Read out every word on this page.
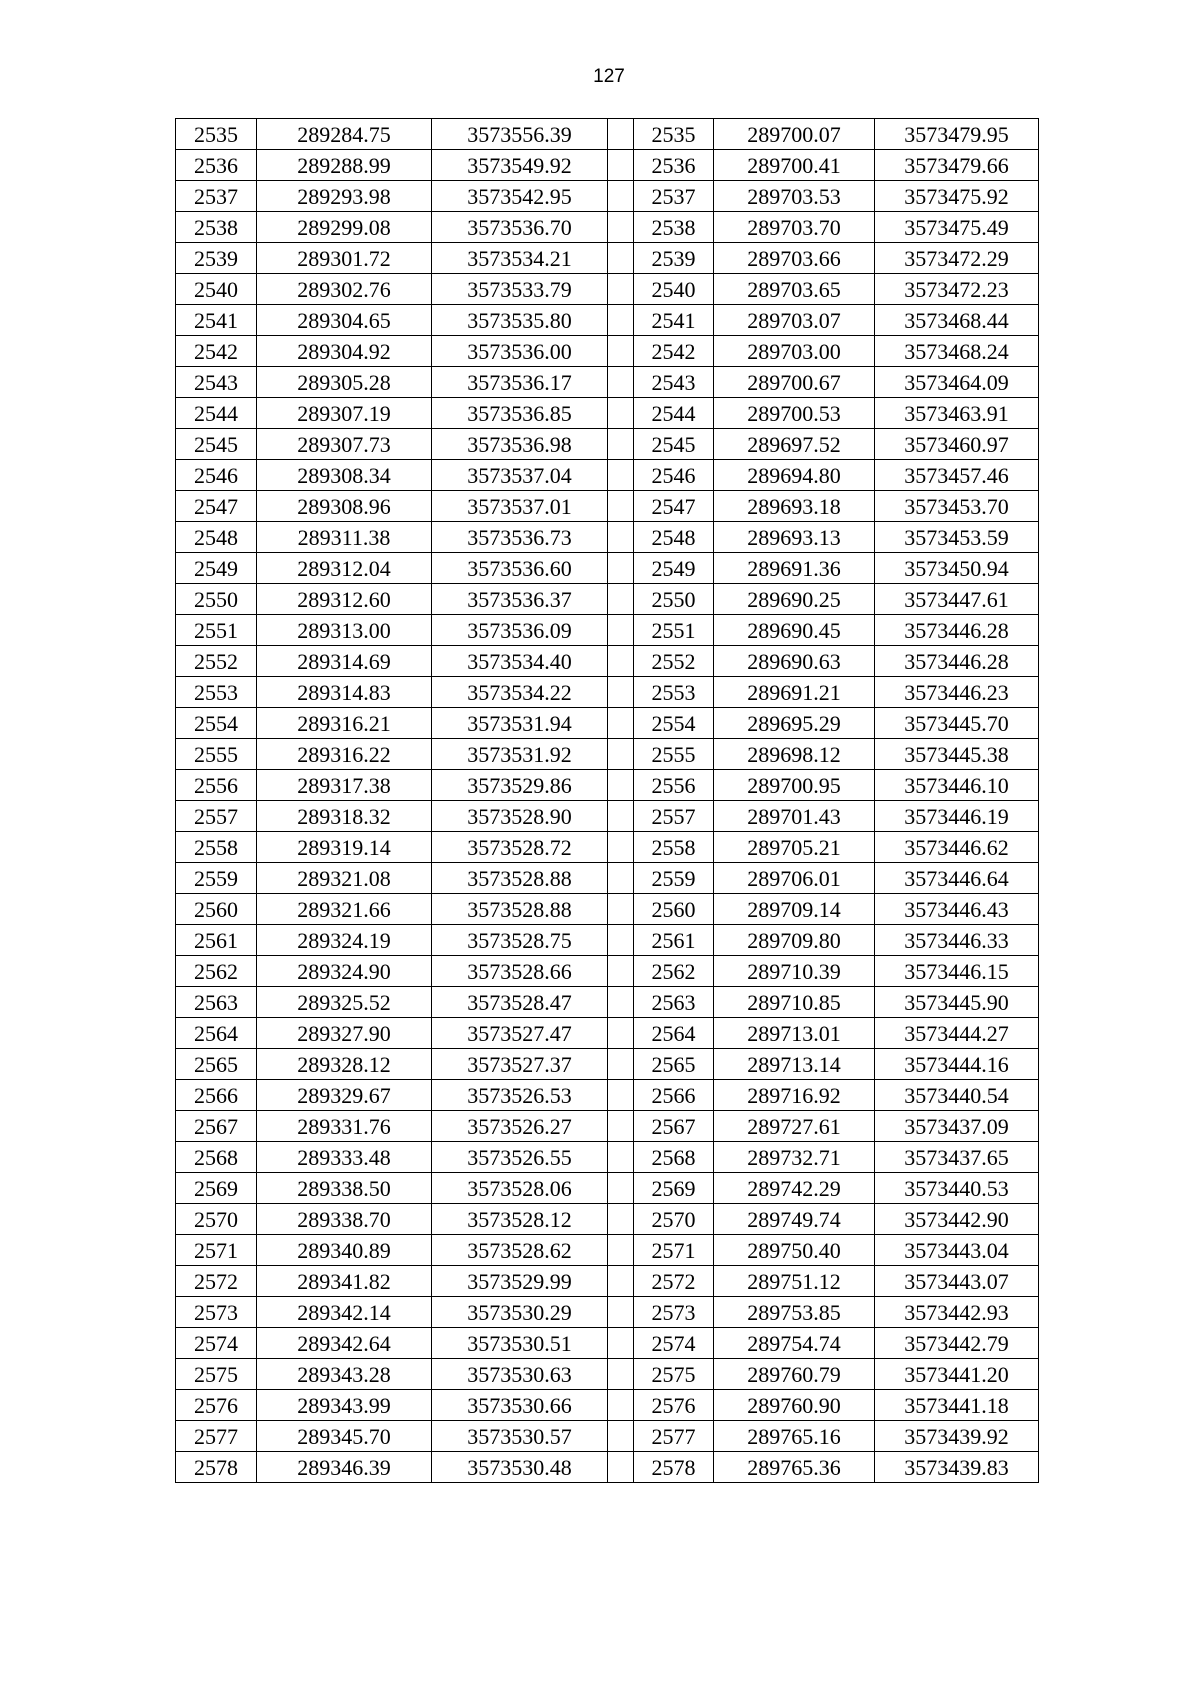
127
2535	289284.75	3573556.39		2535	289700.07	3573479.95
2536	289288.99	3573549.92		2536	289700.41	3573479.66
2537	289293.98	3573542.95		2537	289703.53	3573475.92
2538	289299.08	3573536.70		2538	289703.70	3573475.49
2539	289301.72	3573534.21		2539	289703.66	3573472.29
2540	289302.76	3573533.79		2540	289703.65	3573472.23
2541	289304.65	3573535.80		2541	289703.07	3573468.44
2542	289304.92	3573536.00		2542	289703.00	3573468.24
2543	289305.28	3573536.17		2543	289700.67	3573464.09
2544	289307.19	3573536.85		2544	289700.53	3573463.91
2545	289307.73	3573536.98		2545	289697.52	3573460.97
2546	289308.34	3573537.04		2546	289694.80	3573457.46
2547	289308.96	3573537.01		2547	289693.18	3573453.70
2548	289311.38	3573536.73		2548	289693.13	3573453.59
2549	289312.04	3573536.60		2549	289691.36	3573450.94
2550	289312.60	3573536.37		2550	289690.25	3573447.61
2551	289313.00	3573536.09		2551	289690.45	3573446.28
2552	289314.69	3573534.40		2552	289690.63	3573446.28
2553	289314.83	3573534.22		2553	289691.21	3573446.23
2554	289316.21	3573531.94		2554	289695.29	3573445.70
2555	289316.22	3573531.92		2555	289698.12	3573445.38
2556	289317.38	3573529.86		2556	289700.95	3573446.10
2557	289318.32	3573528.90		2557	289701.43	3573446.19
2558	289319.14	3573528.72		2558	289705.21	3573446.62
2559	289321.08	3573528.88		2559	289706.01	3573446.64
2560	289321.66	3573528.88		2560	289709.14	3573446.43
2561	289324.19	3573528.75		2561	289709.80	3573446.33
2562	289324.90	3573528.66		2562	289710.39	3573446.15
2563	289325.52	3573528.47		2563	289710.85	3573445.90
2564	289327.90	3573527.47		2564	289713.01	3573444.27
2565	289328.12	3573527.37		2565	289713.14	3573444.16
2566	289329.67	3573526.53		2566	289716.92	3573440.54
2567	289331.76	3573526.27		2567	289727.61	3573437.09
2568	289333.48	3573526.55		2568	289732.71	3573437.65
2569	289338.50	3573528.06		2569	289742.29	3573440.53
2570	289338.70	3573528.12		2570	289749.74	3573442.90
2571	289340.89	3573528.62		2571	289750.40	3573443.04
2572	289341.82	3573529.99		2572	289751.12	3573443.07
2573	289342.14	3573530.29		2573	289753.85	3573442.93
2574	289342.64	3573530.51		2574	289754.74	3573442.79
2575	289343.28	3573530.63		2575	289760.79	3573441.20
2576	289343.99	3573530.66		2576	289760.90	3573441.18
2577	289345.70	3573530.57		2577	289765.16	3573439.92
2578	289346.39	3573530.48		2578	289765.36	3573439.83
